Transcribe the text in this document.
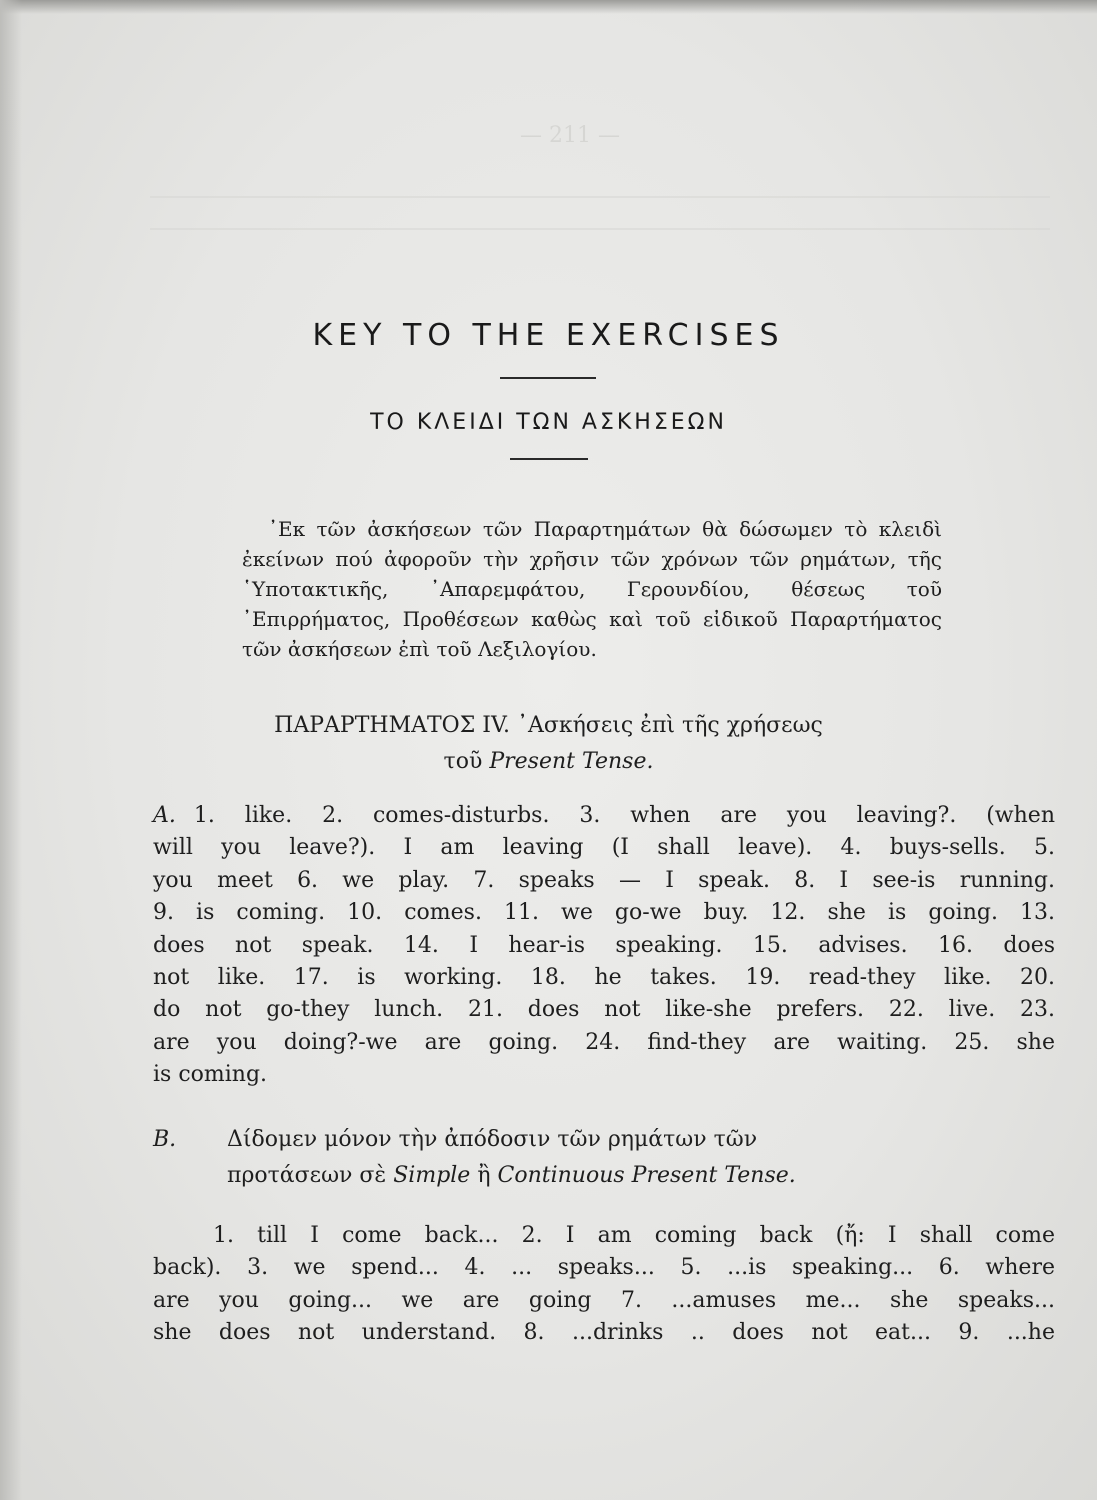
— 211 —
KEY TO THE EXERCISES
ΤΟ ΚΛΕΙΔΙ ΤΩΝ ΑΣΚΗΣΕΩΝ

᾿Εκ τῶν ἀσκήσεων τῶν Παραρτημάτων θὰ δώσωμεν τὸ κλειδὶ ἐκείνων πού ἀφοροῦν τὴν χρῆσιν τῶν χρόνων τῶν ρημάτων, τῆς ῾Υποτακτικῆς, ᾿Απαρεμφάτου, Γερουνδίου, θέσεως τοῦ ᾿Επιρρήματος, Προθέσεων καθὼς καὶ τοῦ εἰδικοῦ Παραρτήματος τῶν ἀσκήσεων ἐπὶ τοῦ Λεξιλογίου.

ΠΑΡΑΡΤΗΜΑΤΟΣ IV. ᾿Ασκήσεις ἐπὶ τῆς χρήσεως

τοῦ Present Tense.

A. 1. like. 2. comes-disturbs. 3. when are you leaving?. (when
will you leave?). I am leaving (I shall leave). 4. buys-sells. 5.
you meet 6. we play. 7. speaks — I speak. 8. I see-is running.
9. is coming. 10. comes. 11. we go-we buy. 12. she is going. 13.
does not speak. 14. I hear-is speaking. 15. advises. 16. does
not like. 17. is working. 18. he takes. 19. read-they like. 20.
do not go-they lunch. 21. does not like-she prefers. 22. live. 23.
are you doing?-we are going. 24. find-they are waiting. 25. she
is coming.
B. Δίδομεν μόνον τὴν ἀπόδοσιν τῶν ρημάτων τῶν
προτάσεων σὲ Simple ἢ Continuous Present Tense.
1. till I come back... 2. I am coming back (ἤ: I shall come
back). 3. we spend... 4. ... speaks... 5. ...is speaking... 6. where
are you going... we are going 7. ...amuses me... she speaks...
she does not understand. 8. ...drinks .. does not eat... 9. ...he
